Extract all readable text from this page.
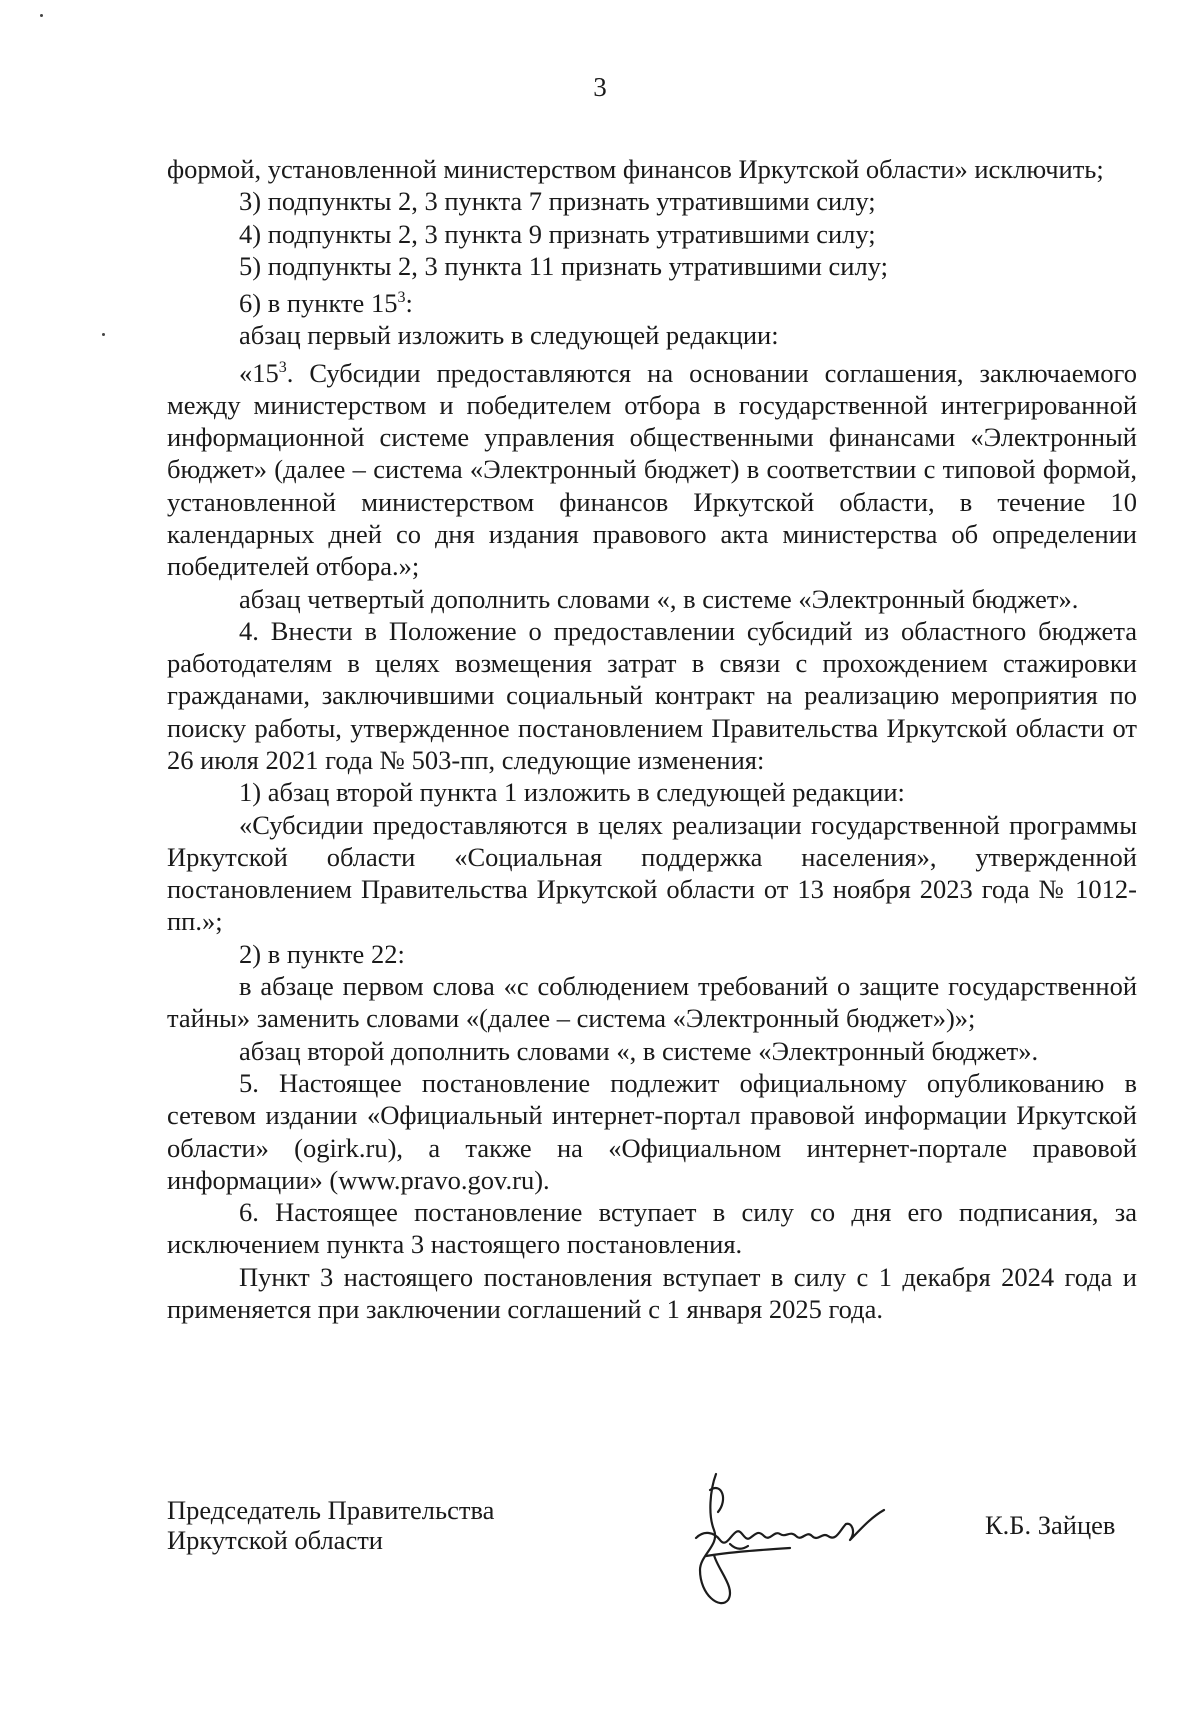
3

формой, установленной министерством финансов Иркутской области» исключить;

3) подпункты 2, 3 пункта 7 признать утратившими силу;

4) подпункты 2, 3 пункта 9 признать утратившими силу;

5) подпункты 2, 3 пункта 11 признать утратившими силу;

6) в пункте $15^3$:

абзац первый изложить в следующей редакции:

«$15^3$. Субсидии предоставляются на основании соглашения, заключаемого между министерством и победителем отбора в государственной интегрированной информационной системе управления общественными финансами «Электронный бюджет» (далее – система «Электронный бюджет) в соответствии с типовой формой, установленной министерством финансов Иркутской области, в течение 10 календарных дней со дня издания правового акта министерства об определении победителей отбора.»;

абзац четвертый дополнить словами «, в системе «Электронный бюджет».

4. Внести в Положение о предоставлении субсидий из областного бюджета работодателям в целях возмещения затрат в связи с прохождением стажировки гражданами, заключившими социальный контракт на реализацию мероприятия по поиску работы, утвержденное постановлением Правительства Иркутской области от 26 июля 2021 года № 503-пп, следующие изменения:

1) абзац второй пункта 1 изложить в следующей редакции:

«Субсидии предоставляются в целях реализации государственной программы Иркутской области «Социальная поддержка населения», утвержденной постановлением Правительства Иркутской области от 13 ноября 2023 года № 1012-пп.»;

2) в пункте 22:

в абзаце первом слова «с соблюдением требований о защите государственной тайны» заменить словами «(далее – система «Электронный бюджет»)»;

абзац второй дополнить словами «, в системе «Электронный бюджет».

5. Настоящее постановление подлежит официальному опубликованию в сетевом издании «Официальный интернет-портал правовой информации Иркутской области» (ogirk.ru), а также на «Официальном интернет-портале правовой информации» (www.pravo.gov.ru).

6. Настоящее постановление вступает в силу со дня его подписания, за исключением пункта 3 настоящего постановления.

Пункт 3 настоящего постановления вступает в силу с 1 декабря 2024 года и применяется при заключении соглашений с 1 января 2025 года.

Председатель Правительства
Иркутской области	К.Б. Зайцев
